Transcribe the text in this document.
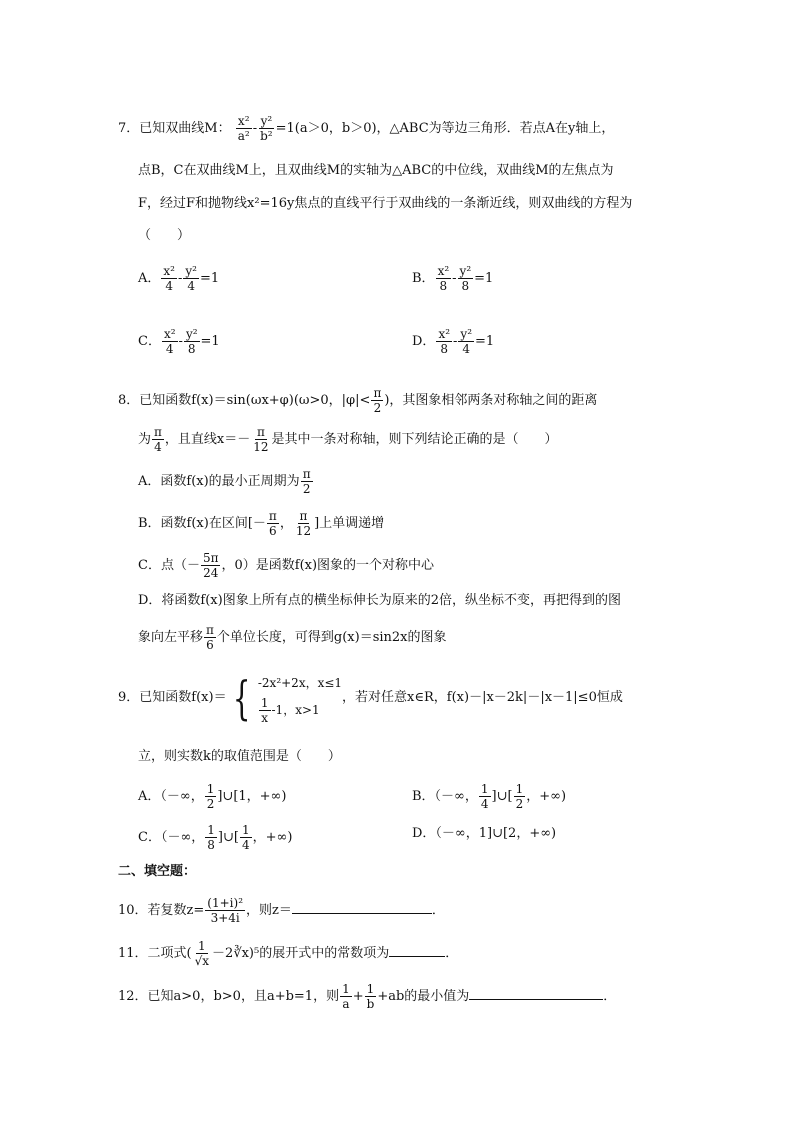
7．已知双曲线M： $\frac{\text{x²}}{\text{a²}} - \frac{\text{y²}}{\text{b²}} =1(a>0$，b＞0)，△ABC为等边三角形．若点A在y轴上，
点B，C在双曲线M上，且双曲线M的实轴为△ABC的中位线，双曲线M的左焦点为
F，经过F和抛物线x²=16y焦点的直线平行于双曲线的一条渐近线，则双曲线的方程为
（　　）
A． $\frac{\text{x²}}{4} - \frac{\text{y²}}{4} =1$	B． $\frac{\text{x²}}{8} - \frac{\text{y²}}{8} =1$
C． $\frac{\text{x²}}{4} - \frac{\text{y²}}{8} =1$	D． $\frac{\text{x²}}{8} - \frac{\text{y²}}{4} =1$
8．已知函数f(x)＝sin(ωx+φ)(ω>0，$|\varphi|< \frac{\pi}{2}$ )，其图象相邻两条对称轴之间的距离
为 $\frac{\pi}{4}$ ，且直线$x=- \frac{\pi}{12}$ 是其中一条对称轴，则下列结论正确的是（　　）
A．函数f(x)的最小正周期为 $\frac{\pi}{2}$
B．函数f(x)在区间[－ $\frac{\pi}{6}$ ， $\frac{\pi}{12}$ ]上单调递增
C．点（－ $\frac{5\pi}{24}$ ，0）是函数f(x)图象的一个对称中心
D．将函数f(x)图象上所有点的横坐标伸长为原来的2倍，纵坐标不变，再把得到的图
象向左平移 $\frac{\pi}{6}$ 个单位长度，可得到g(x)＝sin2x的图象
9．已知函数f(x)＝ { -2x²+2x，x≤1
$\frac{1}{x} -1$，x>1
，若对任意x∈R，f(x)－|x－2k|－|x－1|≤0恒成
立，则实数k的取值范围是（　　）
A．（－∞， $\frac{1}{2}$ ]∪[1，+∞)	B．（－∞， $\frac{1}{4}$ ]∪[ $\frac{1}{2}$ ，+∞)
C．（－∞， $\frac{1}{8}$ ]∪[ $\frac{1}{4}$ ，+∞)	D．（－∞，1]∪[2，+∞)
二、填空题：
10．若复数$z= \frac{\text{(1+i)²}}{3+4i}$ ，则z＝	．
11．二项式( $\frac{1}{√x}$ －2∛x)⁵的展开式中的常数项为	．
12．已知a>0，b>0，且a+b=1，则 $\frac{1}{a} + \frac{1}{b} +ab$的最小值为	．
